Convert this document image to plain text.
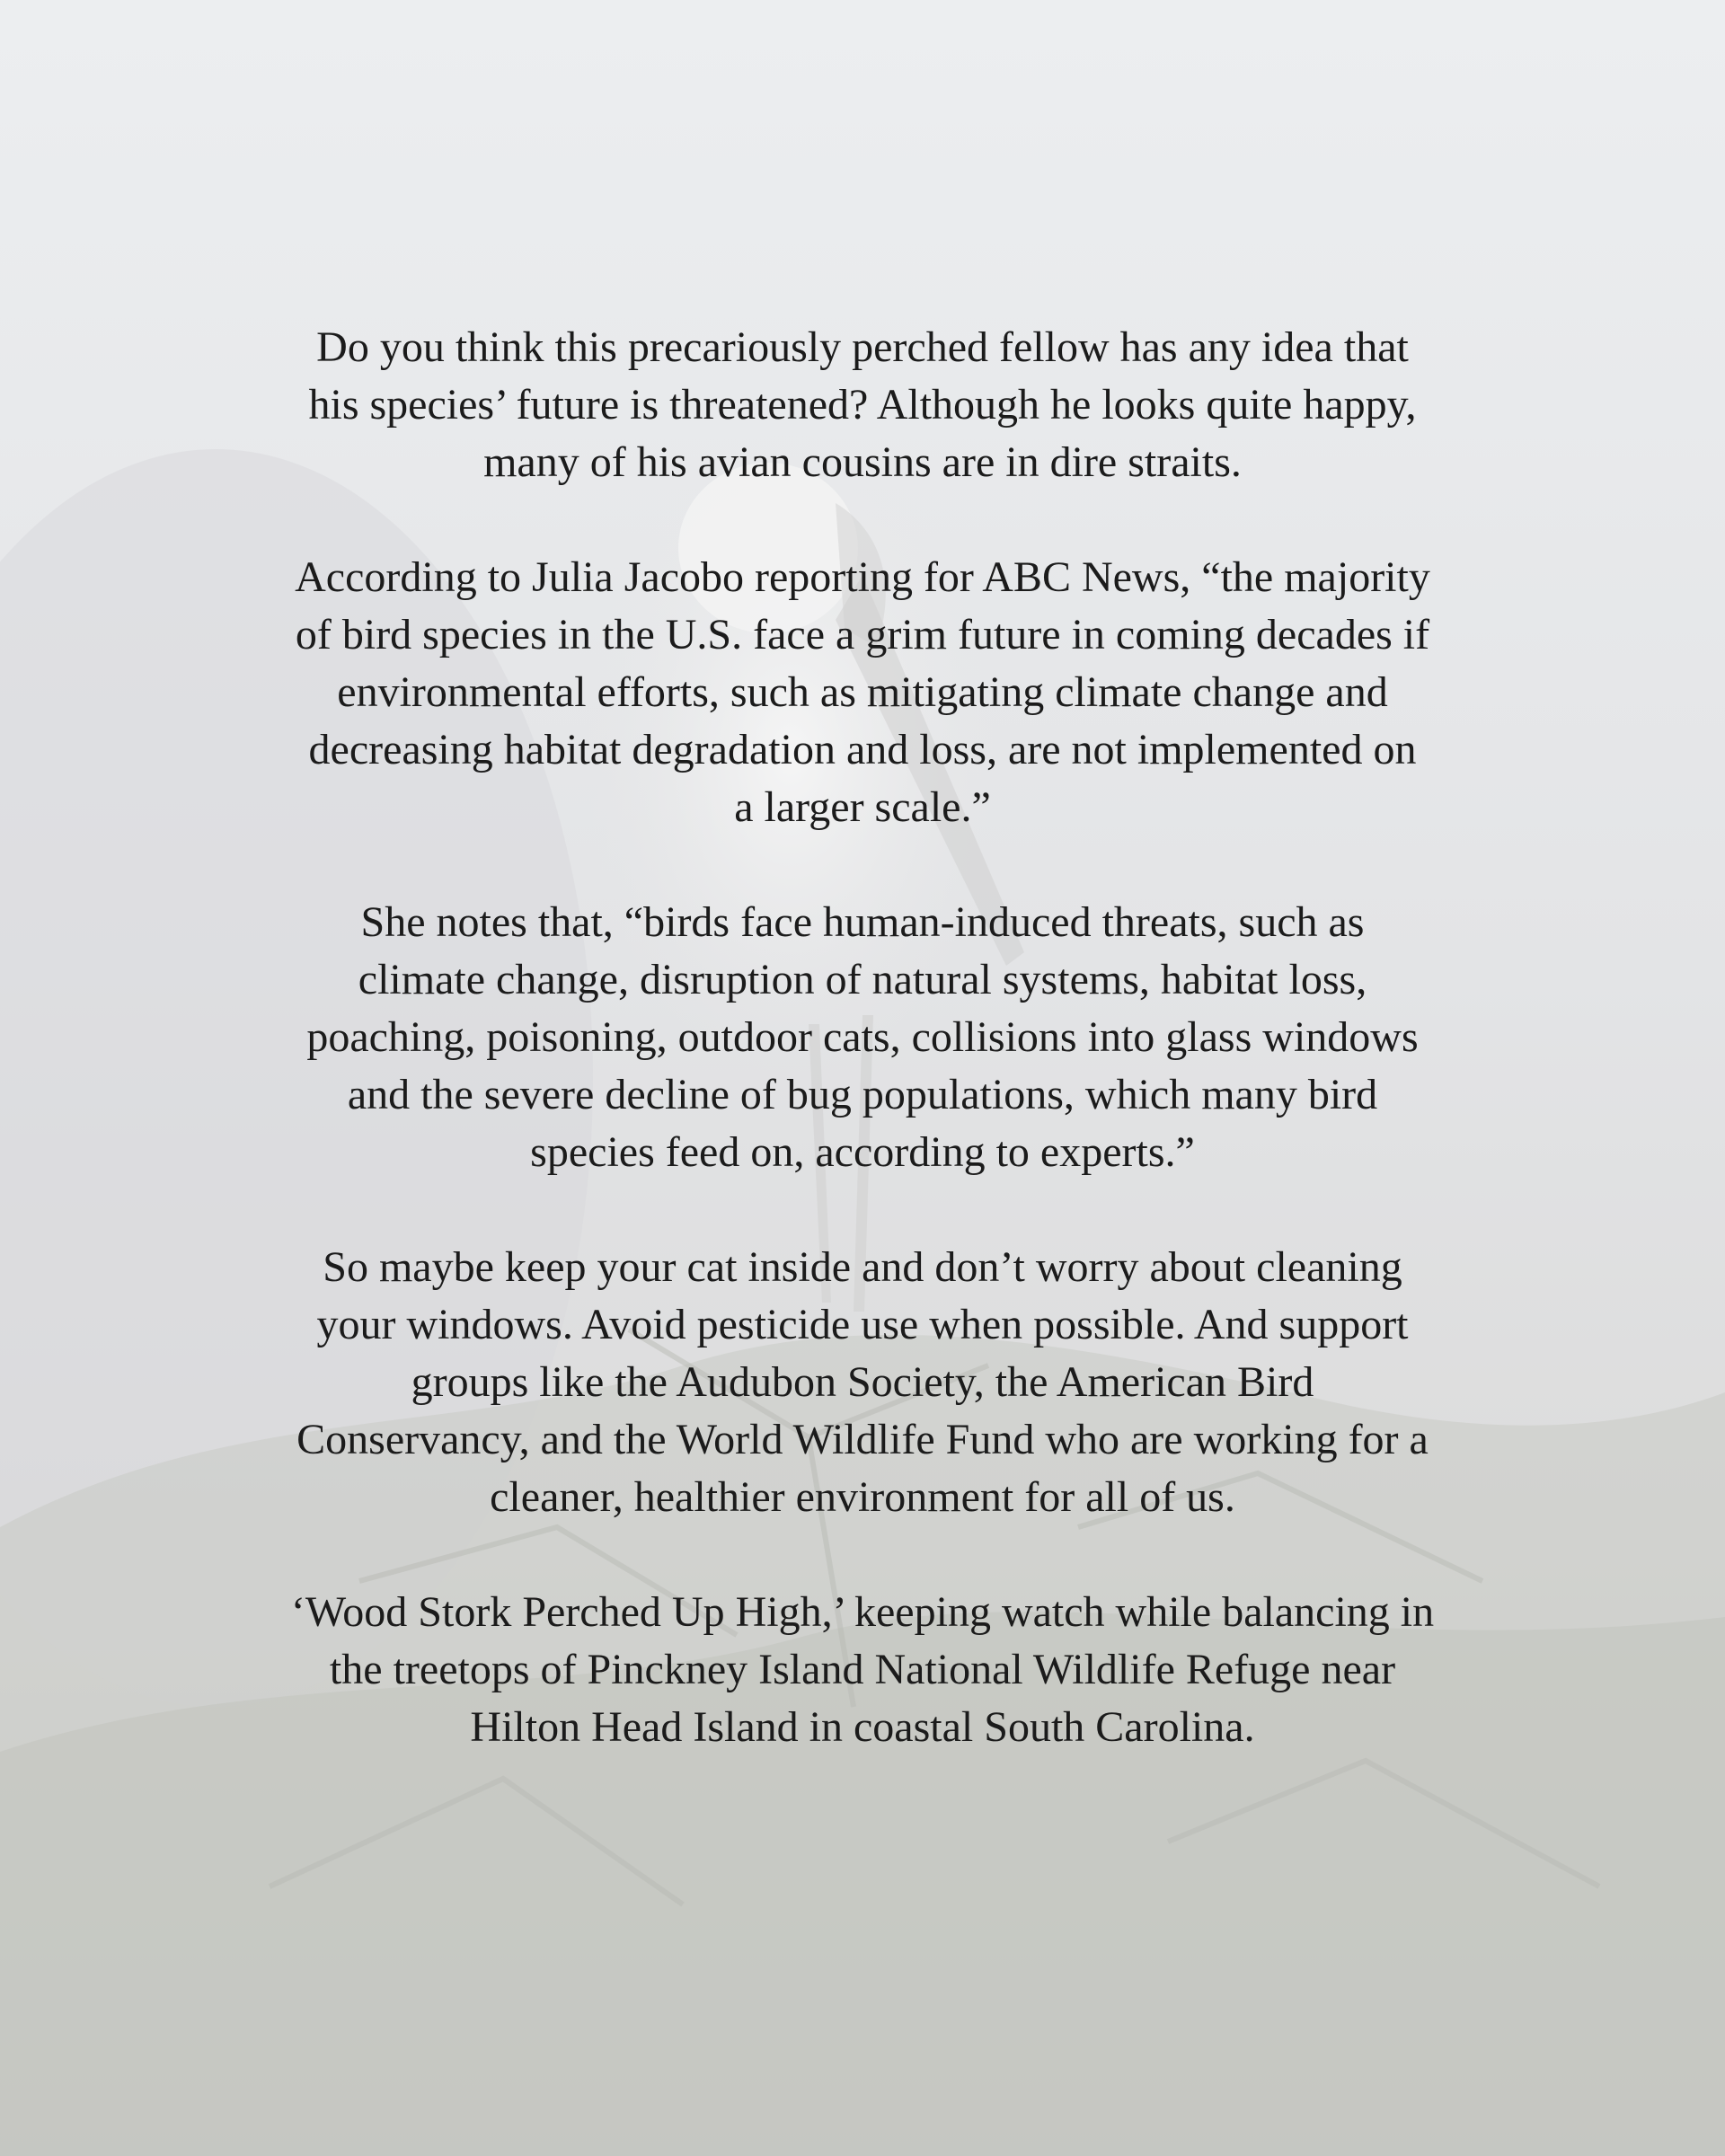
Do you think this precariously perched fellow has any idea that
his species’ future is threatened? Although he looks quite happy,
many of his avian cousins are in dire straits.

According to Julia Jacobo reporting for ABC News, “the majority
of bird species in the U.S. face a grim future in coming decades if
environmental efforts, such as mitigating climate change and
decreasing habitat degradation and loss, are not implemented on
a larger scale.”

She notes that, “birds face human-induced threats, such as
climate change, disruption of natural systems, habitat loss,
poaching, poisoning, outdoor cats, collisions into glass windows
and the severe decline of bug populations, which many bird
species feed on, according to experts.”

So maybe keep your cat inside and don’t worry about cleaning
your windows. Avoid pesticide use when possible. And support
groups like the Audubon Society, the American Bird
Conservancy, and the World Wildlife Fund who are working for a
cleaner, healthier environment for all of us.

‘Wood Stork Perched Up High,’ keeping watch while balancing in
the treetops of Pinckney Island National Wildlife Refuge near
Hilton Head Island in coastal South Carolina.
